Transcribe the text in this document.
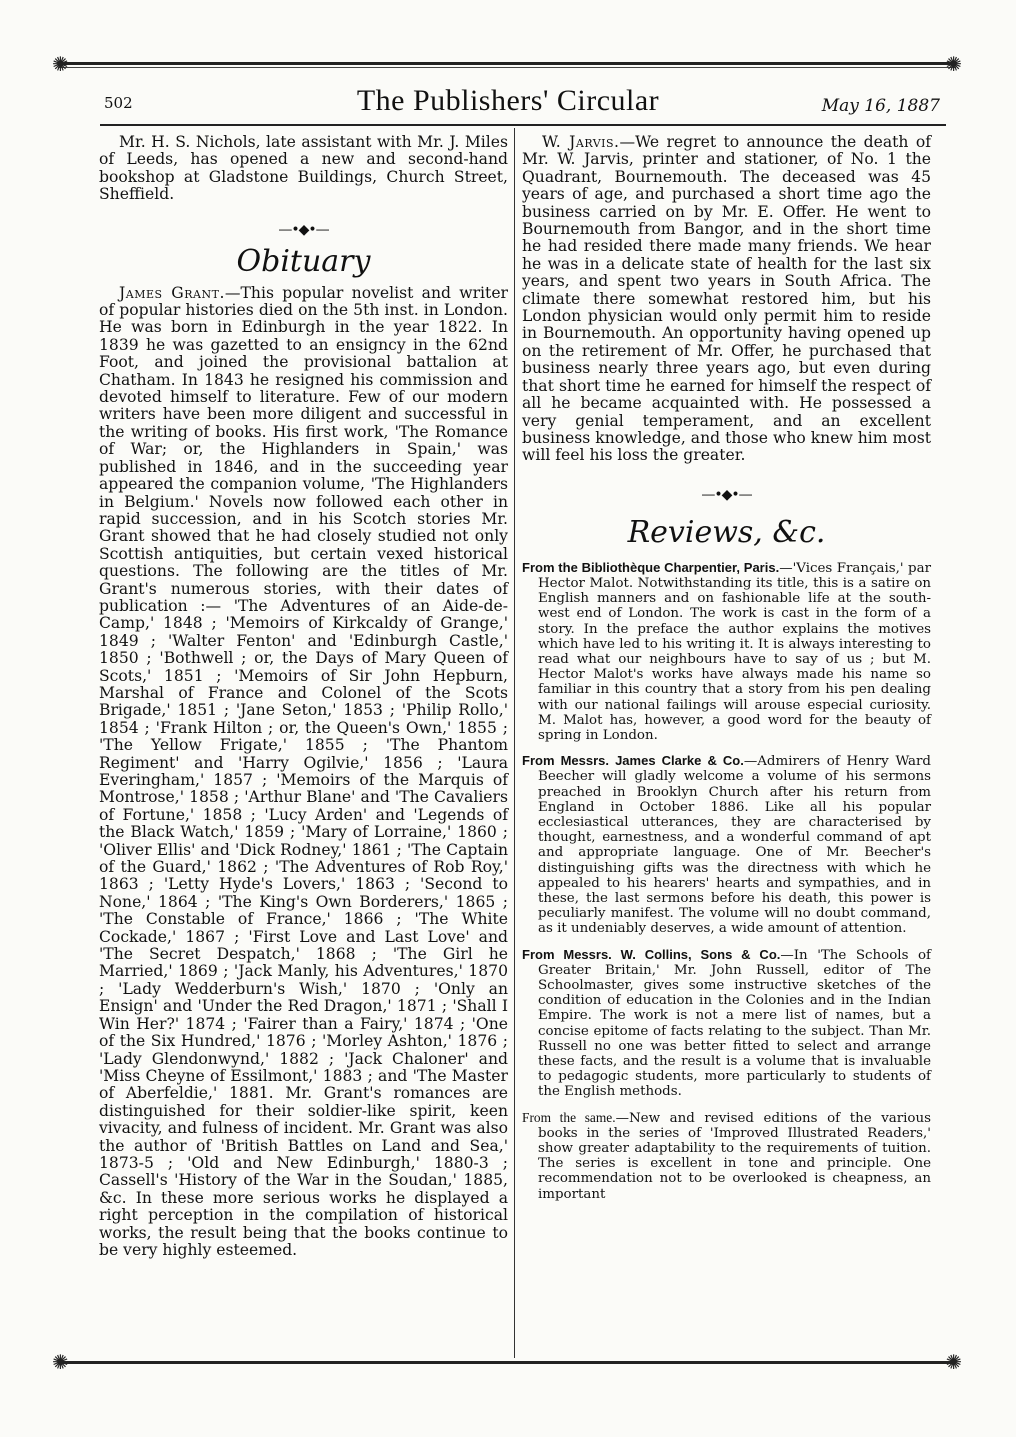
✺	✺
502	The Publishers' Circular	May 16, 1887

Mr. H. S. Nichols, late assistant with Mr. J. Miles of Leeds, has opened a new and second-hand bookshop at Gladstone Buildings, Church Street, Sheffield.

—•◆•—
Obituary

James Grant.—This popular novelist and writer of popular histories died on the 5th inst. in London. He was born in Edinburgh in the year 1822. In 1839 he was gazetted to an ensigncy in the 62nd Foot, and joined the provisional battalion at Chatham. In 1843 he resigned his commission and devoted himself to literature. Few of our modern writers have been more diligent and successful in the writing of books. His first work, 'The Romance of War; or, the Highlanders in Spain,' was published in 1846, and in the succeeding year appeared the companion volume, 'The Highlanders in Belgium.' Novels now followed each other in rapid succession, and in his Scotch stories Mr. Grant showed that he had closely studied not only Scottish antiquities, but certain vexed historical questions. The following are the titles of Mr. Grant's numerous stories, with their dates of publication :— 'The Adventures of an Aide-de-Camp,' 1848 ; 'Memoirs of Kirkcaldy of Grange,' 1849 ; 'Walter Fenton' and 'Edinburgh Castle,' 1850 ; 'Bothwell ; or, the Days of Mary Queen of Scots,' 1851 ; 'Memoirs of Sir John Hepburn, Marshal of France and Colonel of the Scots Brigade,' 1851 ; 'Jane Seton,' 1853 ; 'Philip Rollo,' 1854 ; 'Frank Hilton ; or, the Queen's Own,' 1855 ; 'The Yellow Frigate,' 1855 ; 'The Phantom Regiment' and 'Harry Ogilvie,' 1856 ; 'Laura Everingham,' 1857 ; 'Memoirs of the Marquis of Montrose,' 1858 ; 'Arthur Blane' and 'The Cavaliers of Fortune,' 1858 ; 'Lucy Arden' and 'Legends of the Black Watch,' 1859 ; 'Mary of Lorraine,' 1860 ; 'Oliver Ellis' and 'Dick Rodney,' 1861 ; 'The Captain of the Guard,' 1862 ; 'The Adventures of Rob Roy,' 1863 ; 'Letty Hyde's Lovers,' 1863 ; 'Second to None,' 1864 ; 'The King's Own Borderers,' 1865 ; 'The Constable of France,' 1866 ; 'The White Cockade,' 1867 ; 'First Love and Last Love' and 'The Secret Despatch,' 1868 ; 'The Girl he Married,' 1869 ; 'Jack Manly, his Adventures,' 1870 ; 'Lady Wedderburn's Wish,' 1870 ; 'Only an Ensign' and 'Under the Red Dragon,' 1871 ; 'Shall I Win Her?' 1874 ; 'Fairer than a Fairy,' 1874 ; 'One of the Six Hundred,' 1876 ; 'Morley Ashton,' 1876 ; 'Lady Glendonwynd,' 1882 ; 'Jack Chaloner' and 'Miss Cheyne of Essilmont,' 1883 ; and 'The Master of Aberfeldie,' 1881. Mr. Grant's romances are distinguished for their soldier-like spirit, keen vivacity, and fulness of incident. Mr. Grant was also the author of 'British Battles on Land and Sea,' 1873-5 ; 'Old and New Edinburgh,' 1880-3 ; Cassell's 'History of the War in the Soudan,' 1885, &c. In these more serious works he displayed a right perception in the compilation of historical works, the result being that the books continue to be very highly esteemed.

W. Jarvis.—We regret to announce the death of Mr. W. Jarvis, printer and stationer, of No. 1 the Quadrant, Bournemouth. The deceased was 45 years of age, and purchased a short time ago the business carried on by Mr. E. Offer. He went to Bournemouth from Bangor, and in the short time he had resided there made many friends. We hear he was in a delicate state of health for the last six years, and spent two years in South Africa. The climate there somewhat restored him, but his London physician would only permit him to reside in Bournemouth. An opportunity having opened up on the retirement of Mr. Offer, he purchased that business nearly three years ago, but even during that short time he earned for himself the respect of all he became acquainted with. He possessed a very genial temperament, and an excellent business knowledge, and those who knew him most will feel his loss the greater.

—•◆•—
Reviews, &c.

From the Bibliothèque Charpentier, Paris.—'Vices Français,' par Hector Malot. Notwithstanding its title, this is a satire on English manners and on fashionable life at the south-west end of London. The work is cast in the form of a story. In the preface the author explains the motives which have led to his writing it. It is always interesting to read what our neighbours have to say of us ; but M. Hector Malot's works have always made his name so familiar in this country that a story from his pen dealing with our national failings will arouse especial curiosity. M. Malot has, however, a good word for the beauty of spring in London.

From Messrs. James Clarke & Co.—Admirers of Henry Ward Beecher will gladly welcome a volume of his sermons preached in Brooklyn Church after his return from England in October 1886. Like all his popular ecclesiastical utterances, they are characterised by thought, earnestness, and a wonderful command of apt and appropriate language. One of Mr. Beecher's distinguishing gifts was the directness with which he appealed to his hearers' hearts and sympathies, and in these, the last sermons before his death, this power is peculiarly manifest. The volume will no doubt command, as it undeniably deserves, a wide amount of attention.

From Messrs. W. Collins, Sons & Co.—In 'The Schools of Greater Britain,' Mr. John Russell, editor of The Schoolmaster, gives some instructive sketches of the condition of education in the Colonies and in the Indian Empire. The work is not a mere list of names, but a concise epitome of facts relating to the subject. Than Mr. Russell no one was better fitted to select and arrange these facts, and the result is a volume that is invaluable to pedagogic students, more particularly to students of the English methods.

From the same.—New and revised editions of the various books in the series of 'Improved Illustrated Readers,' show greater adaptability to the requirements of tuition. The series is excellent in tone and principle. One recommendation not to be overlooked is cheapness, an important

✺	✺
